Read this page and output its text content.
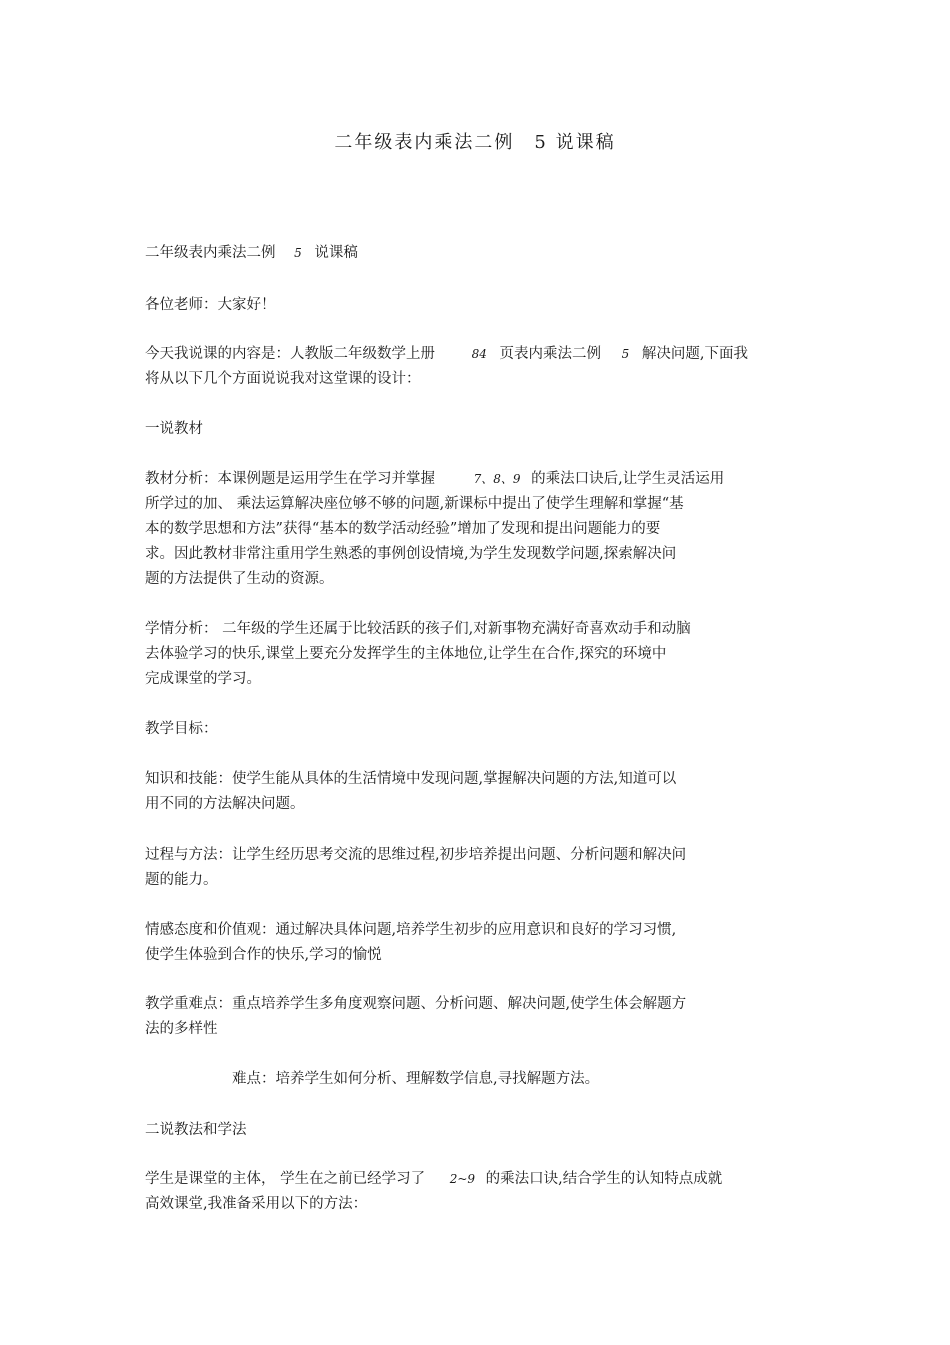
二年级表内乘法二例　5 说课稿
二年级表内乘法二例 5 说课稿
各位老师：大家好！
今天我说课的内容是：人教版二年级数学上册	84 页表内乘法二例 5 解决问题,下面我
将从以下几个方面说说我对这堂课的设计：
一说教材
教材分析：本课例题是运用学生在学习并掌握	7、8、9 的乘法口诀后,让学生灵活运用
所学过的加、 乘法运算解决座位够不够的问题,新课标中提出了使学生理解和掌握“基
本的数学思想和方法”获得“基本的数学活动经验”增加了发现和提出问题能力的要
求。因此教材非常注重用学生熟悉的事例创设情境,为学生发现数学问题,探索解决问
题的方法提供了生动的资源。
学情分析： 二年级的学生还属于比较活跃的孩子们,对新事物充满好奇喜欢动手和动脑
去体验学习的快乐,课堂上要充分发挥学生的主体地位,让学生在合作,探究的环境中
完成课堂的学习。
教学目标：
知识和技能：使学生能从具体的生活情境中发现问题,掌握解决问题的方法,知道可以
用不同的方法解决问题。
过程与方法：让学生经历思考交流的思维过程,初步培养提出问题、分析问题和解决问
题的能力。
情感态度和价值观：通过解决具体问题,培养学生初步的应用意识和良好的学习习惯,
使学生体验到合作的快乐,学习的愉悦
教学重难点：重点培养学生多角度观察问题、分析问题、解决问题,使学生体会解题方
法的多样性
难点：培养学生如何分析、理解数学信息,寻找解题方法。
二说教法和学法
学生是课堂的主体， 学生在之前已经学习了 2~9 的乘法口诀,结合学生的认知特点成就
高效课堂,我准备采用以下的方法：
